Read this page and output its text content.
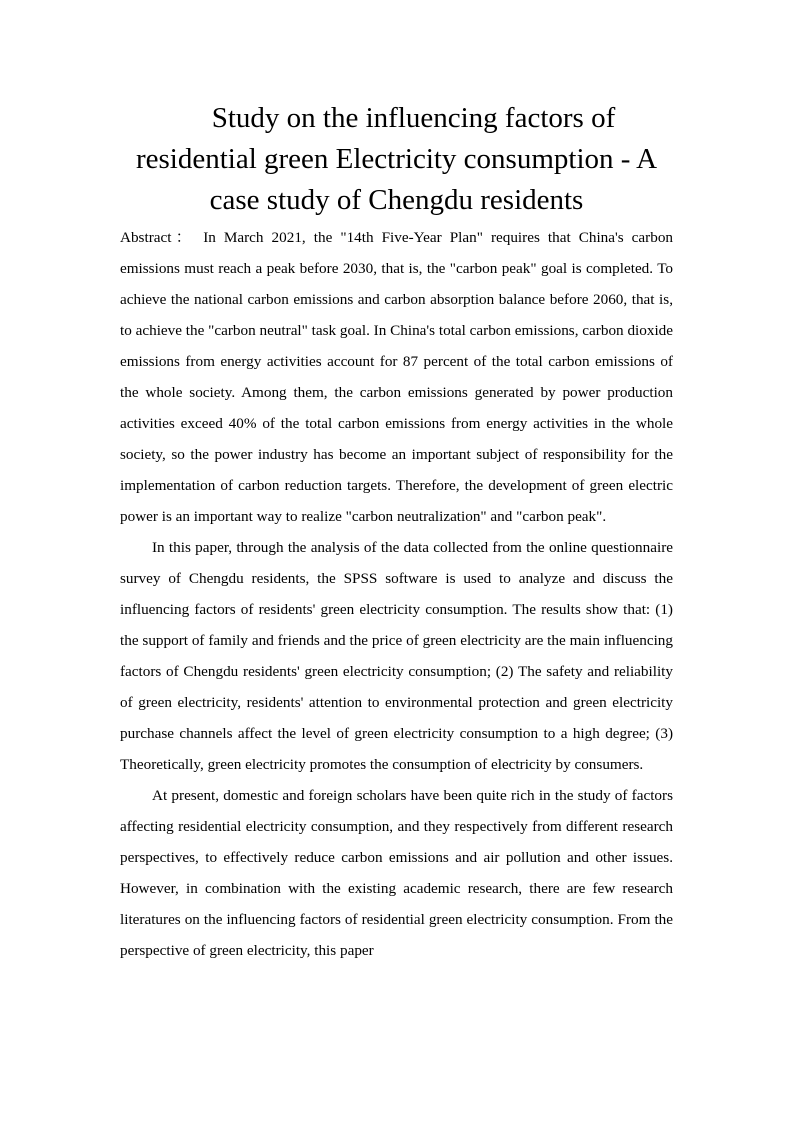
Study on the influencing factors of residential green Electricity consumption - A case study of Chengdu residents

Abstract： In March 2021, the "14th Five-Year Plan" requires that China's carbon emissions must reach a peak before 2030, that is, the "carbon peak" goal is completed. To achieve the national carbon emissions and carbon absorption balance before 2060, that is, to achieve the "carbon neutral" task goal. In China's total carbon emissions, carbon dioxide emissions from energy activities account for 87 percent of the total carbon emissions of the whole society. Among them, the carbon emissions generated by power production activities exceed 40% of the total carbon emissions from energy activities in the whole society, so the power industry has become an important subject of responsibility for the implementation of carbon reduction targets. Therefore, the development of green electric power is an important way to realize "carbon neutralization" and "carbon peak".

In this paper, through the analysis of the data collected from the online questionnaire survey of Chengdu residents, the SPSS software is used to analyze and discuss the influencing factors of residents' green electricity consumption. The results show that: (1) the support of family and friends and the price of green electricity are the main influencing factors of Chengdu residents' green electricity consumption; (2) The safety and reliability of green electricity, residents' attention to environmental protection and green electricity purchase channels affect the level of green electricity consumption to a high degree; (3) Theoretically, green electricity promotes the consumption of electricity by consumers.

At present, domestic and foreign scholars have been quite rich in the study of factors affecting residential electricity consumption, and they respectively from different research perspectives, to effectively reduce carbon emissions and air pollution and other issues. However, in combination with the existing academic research, there are few research literatures on the influencing factors of residential green electricity consumption. From the perspective of green electricity, this paper
